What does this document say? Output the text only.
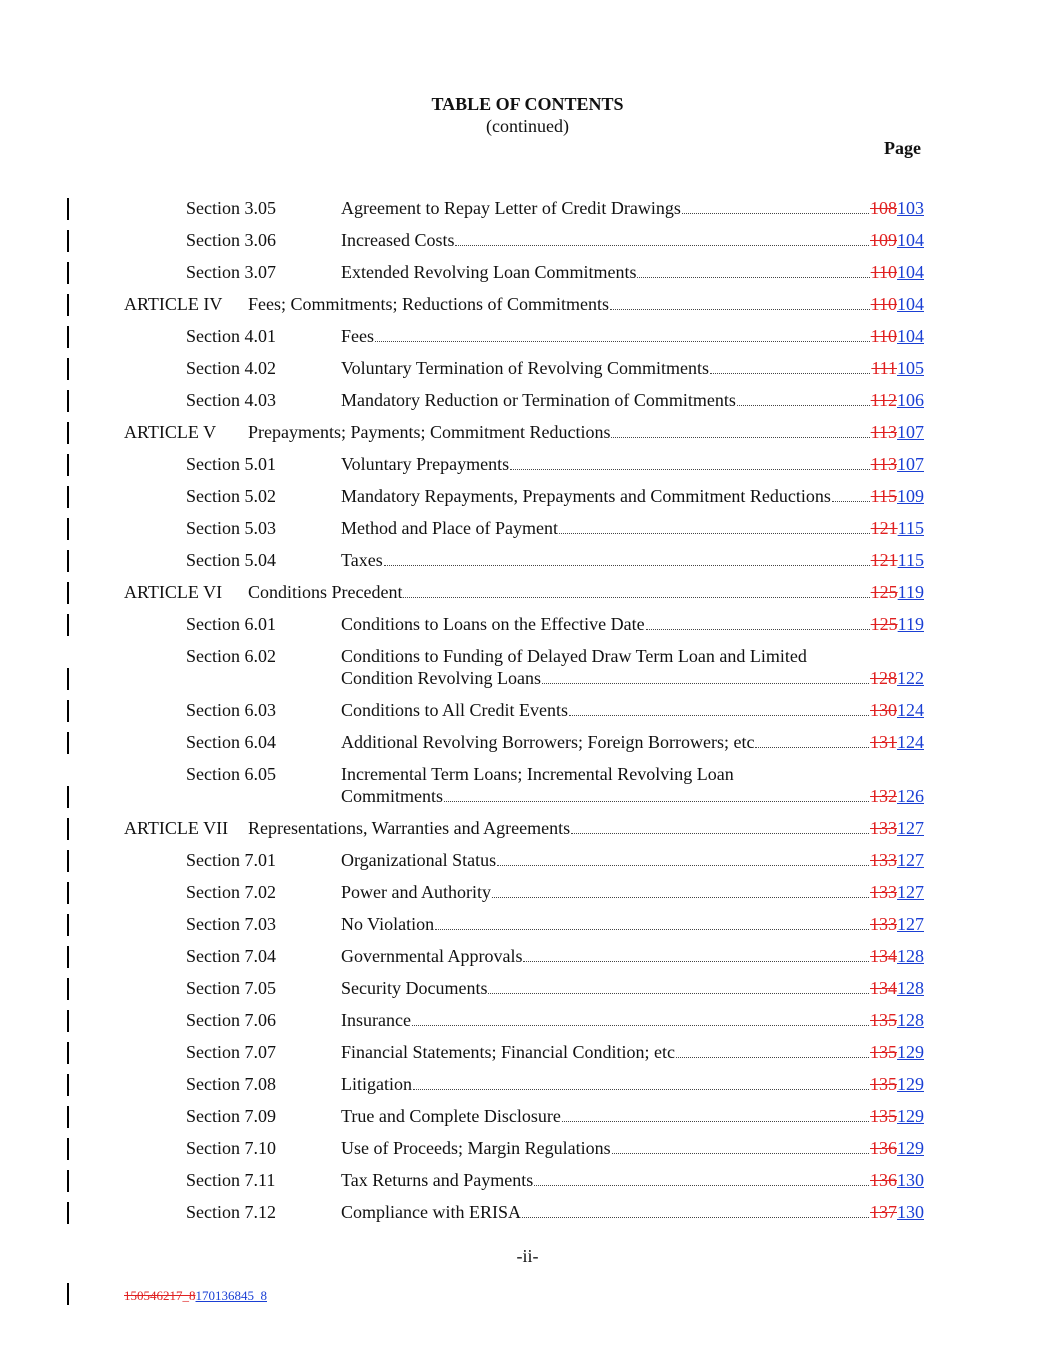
TABLE OF CONTENTS
(continued)
Page
Section 3.05	Agreement to Repay Letter of Credit Drawings	108 103
Section 3.06	Increased Costs	109 104
Section 3.07	Extended Revolving Loan Commitments	110 104
ARTICLE IV Fees; Commitments; Reductions of Commitments	110 104
Section 4.01	Fees	110 104
Section 4.02	Voluntary Termination of Revolving Commitments	111 105
Section 4.03	Mandatory Reduction or Termination of Commitments	112 106
ARTICLE V Prepayments; Payments; Commitment Reductions	113 107
Section 5.01	Voluntary Prepayments	113 107
Section 5.02	Mandatory Repayments, Prepayments and Commitment Reductions 115 109
Section 5.03	Method and Place of Payment	121 115
Section 5.04	Taxes	121 115
ARTICLE VI Conditions Precedent	125 119
Section 6.01	Conditions to Loans on the Effective Date	125 119
Section 6.02	Conditions to Funding of Delayed Draw Term Loan and Limited
Condition Revolving Loans	128 122
Section 6.03	Conditions to All Credit Events	130 124
Section 6.04	Additional Revolving Borrowers; Foreign Borrowers; etc	131 124
Section 6.05	Incremental Term Loans; Incremental Revolving Loan
Commitments	132 126
ARTICLE VII Representations, Warranties and Agreements	133 127
Section 7.01	Organizational Status	133 127
Section 7.02	Power and Authority	133 127
Section 7.03	No Violation	133 127
Section 7.04	Governmental Approvals	134 128
Section 7.05	Security Documents	134 128
Section 7.06	Insurance	135 128
Section 7.07	Financial Statements; Financial Condition; etc	135 129
Section 7.08	Litigation	135 129
Section 7.09	True and Complete Disclosure	135 129
Section 7.10	Use of Proceeds; Margin Regulations	136 129
Section 7.11	Tax Returns and Payments	136 130
Section 7.12	Compliance with ERISA	137 130
-ii-
150546217_8170136845_8
